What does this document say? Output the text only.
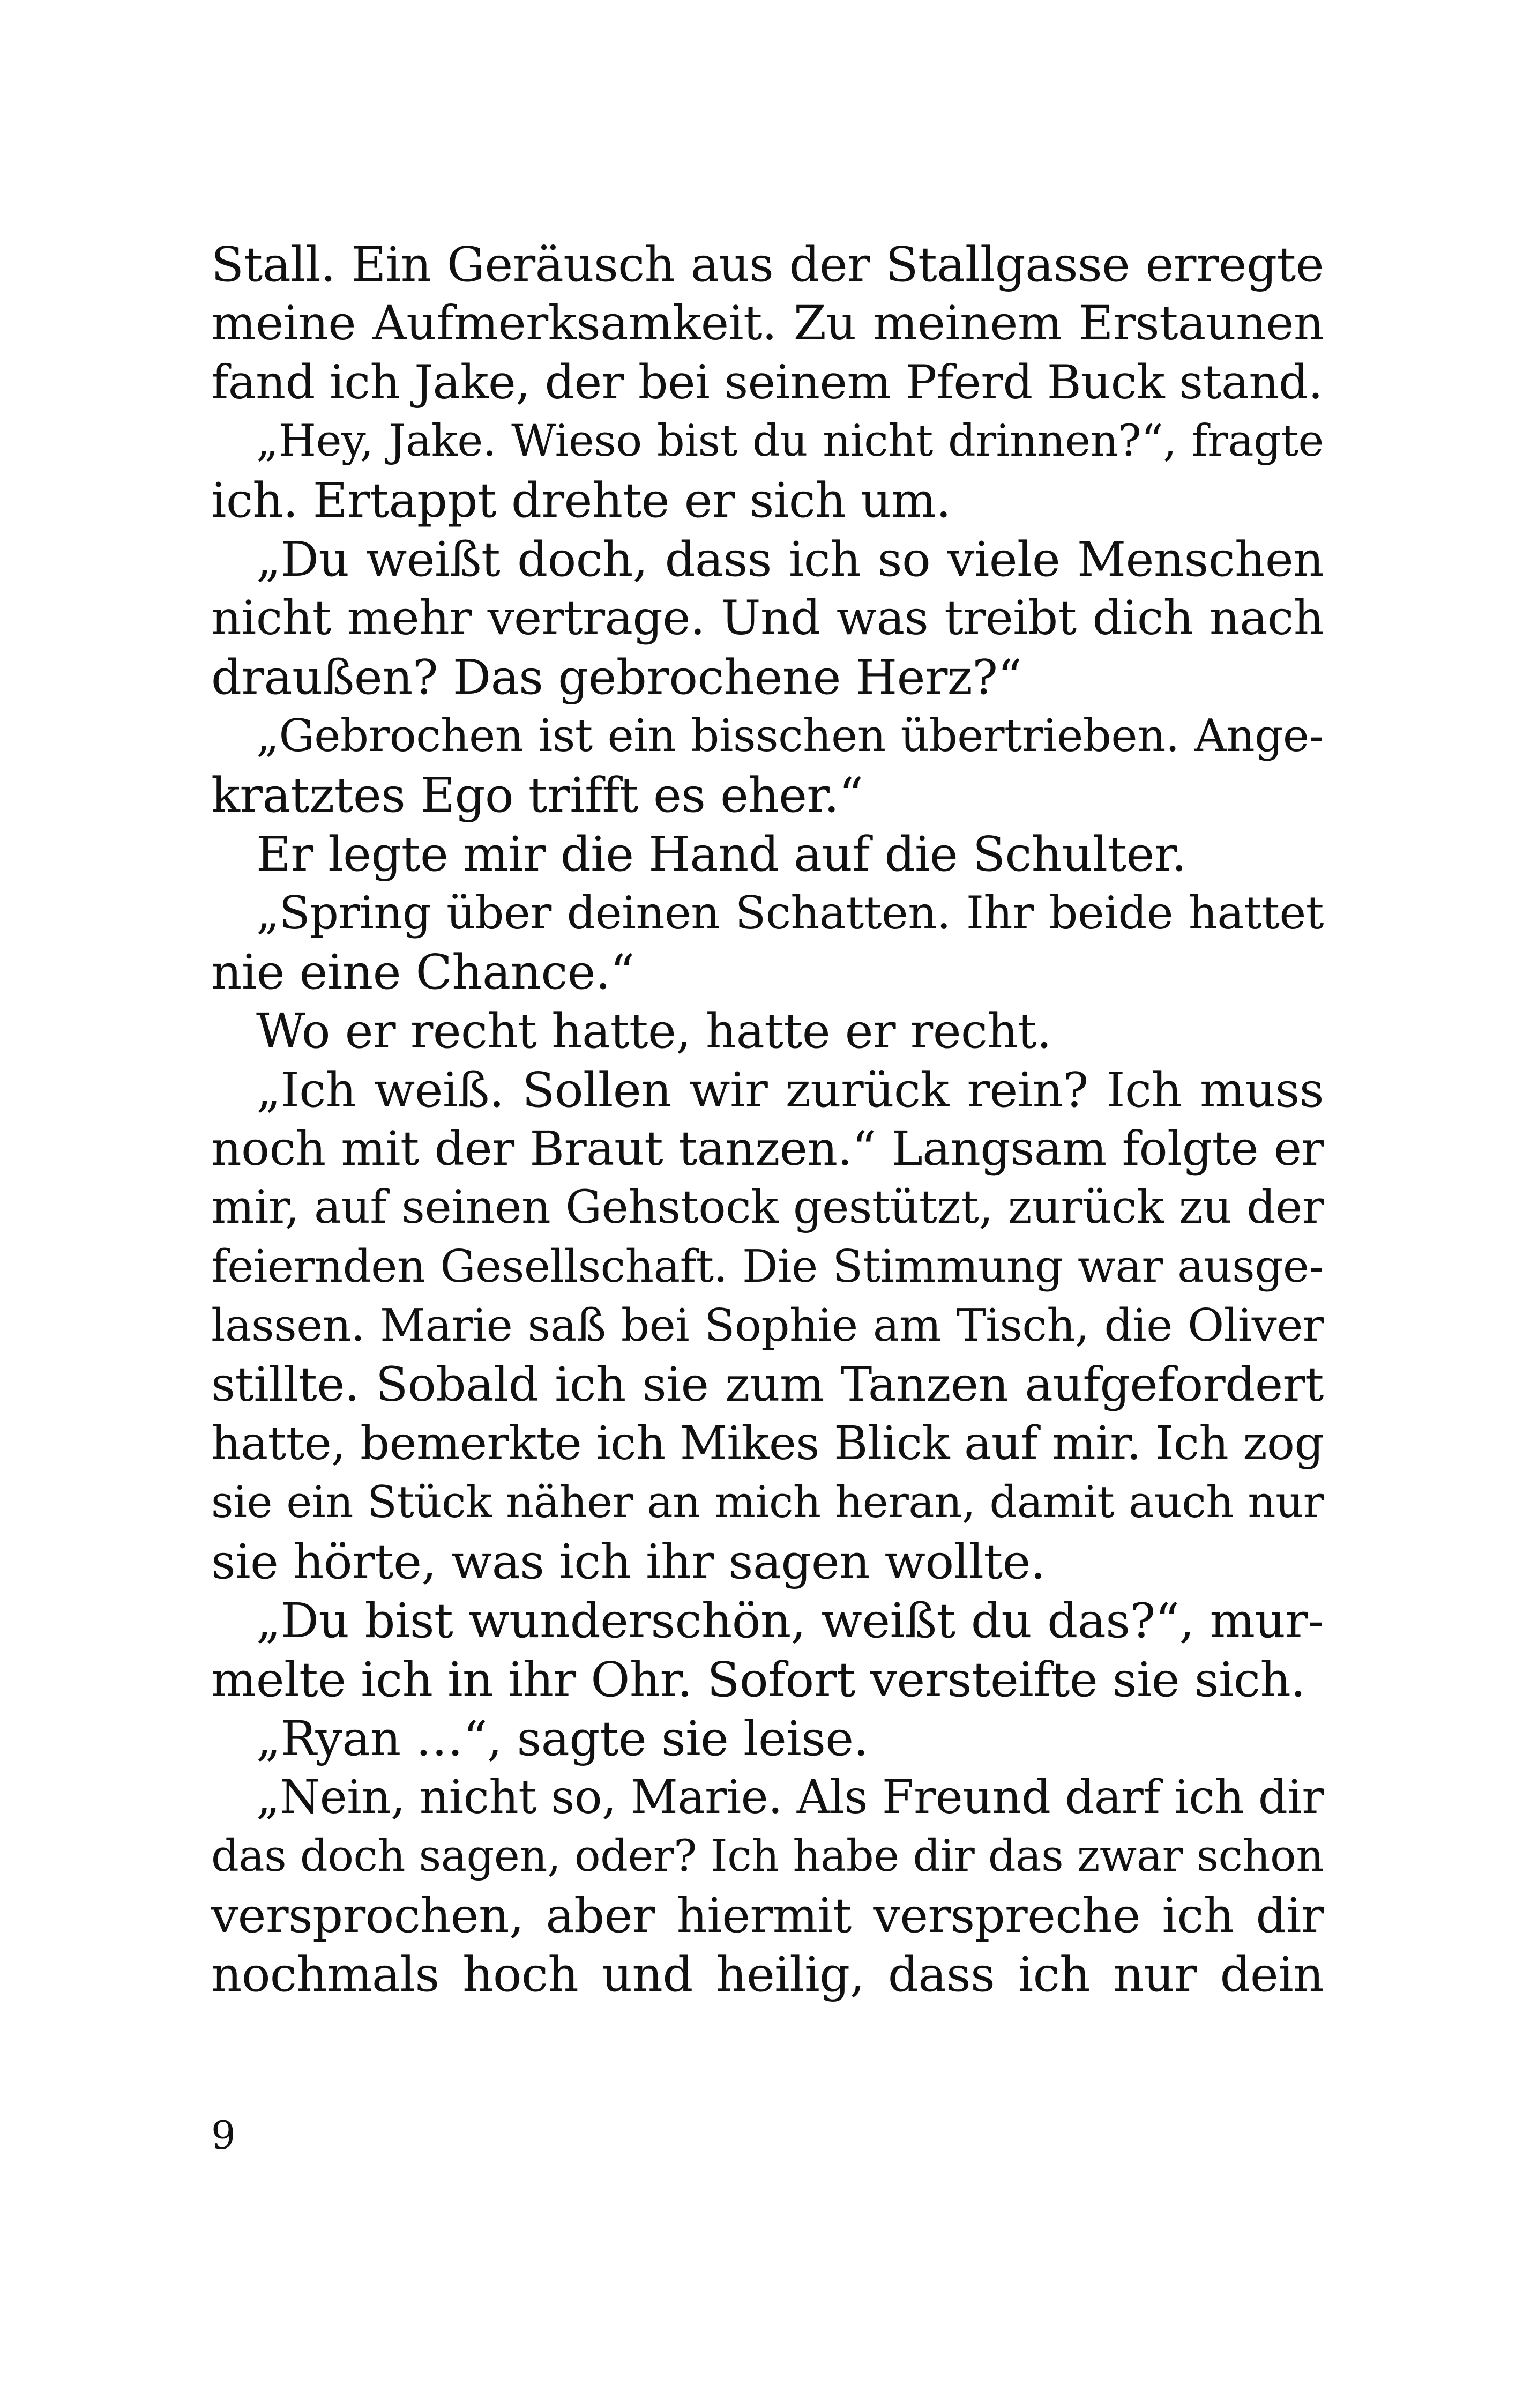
Stall. Ein Geräusch aus der Stallgasse erregte
meine Aufmerksamkeit. Zu meinem Erstaunen
fand ich Jake, der bei seinem Pferd Buck stand.
„Hey, Jake. Wieso bist du nicht drinnen?“, fragte
ich. Ertappt drehte er sich um.
„Du weißt doch, dass ich so viele Menschen
nicht mehr vertrage. Und was treibt dich nach
draußen? Das gebrochene Herz?“
„Gebrochen ist ein bisschen übertrieben. Ange-
kratztes Ego trifft es eher.“
Er legte mir die Hand auf die Schulter.
„Spring über deinen Schatten. Ihr beide hattet
nie eine Chance.“
Wo er recht hatte, hatte er recht.
„Ich weiß. Sollen wir zurück rein? Ich muss
noch mit der Braut tanzen.“ Langsam folgte er
mir, auf seinen Gehstock gestützt, zurück zu der
feiernden Gesellschaft. Die Stimmung war ausge-
lassen. Marie saß bei Sophie am Tisch, die Oliver
stillte. Sobald ich sie zum Tanzen aufgefordert
hatte, bemerkte ich Mikes Blick auf mir. Ich zog
sie ein Stück näher an mich heran, damit auch nur
sie hörte, was ich ihr sagen wollte.
„Du bist wunderschön, weißt du das?“, mur-
melte ich in ihr Ohr. Sofort versteifte sie sich.
„Ryan …“, sagte sie leise.
„Nein, nicht so, Marie. Als Freund darf ich dir
das doch sagen, oder? Ich habe dir das zwar schon
versprochen, aber hiermit verspreche ich dir
nochmals hoch und heilig, dass ich nur dein
9
